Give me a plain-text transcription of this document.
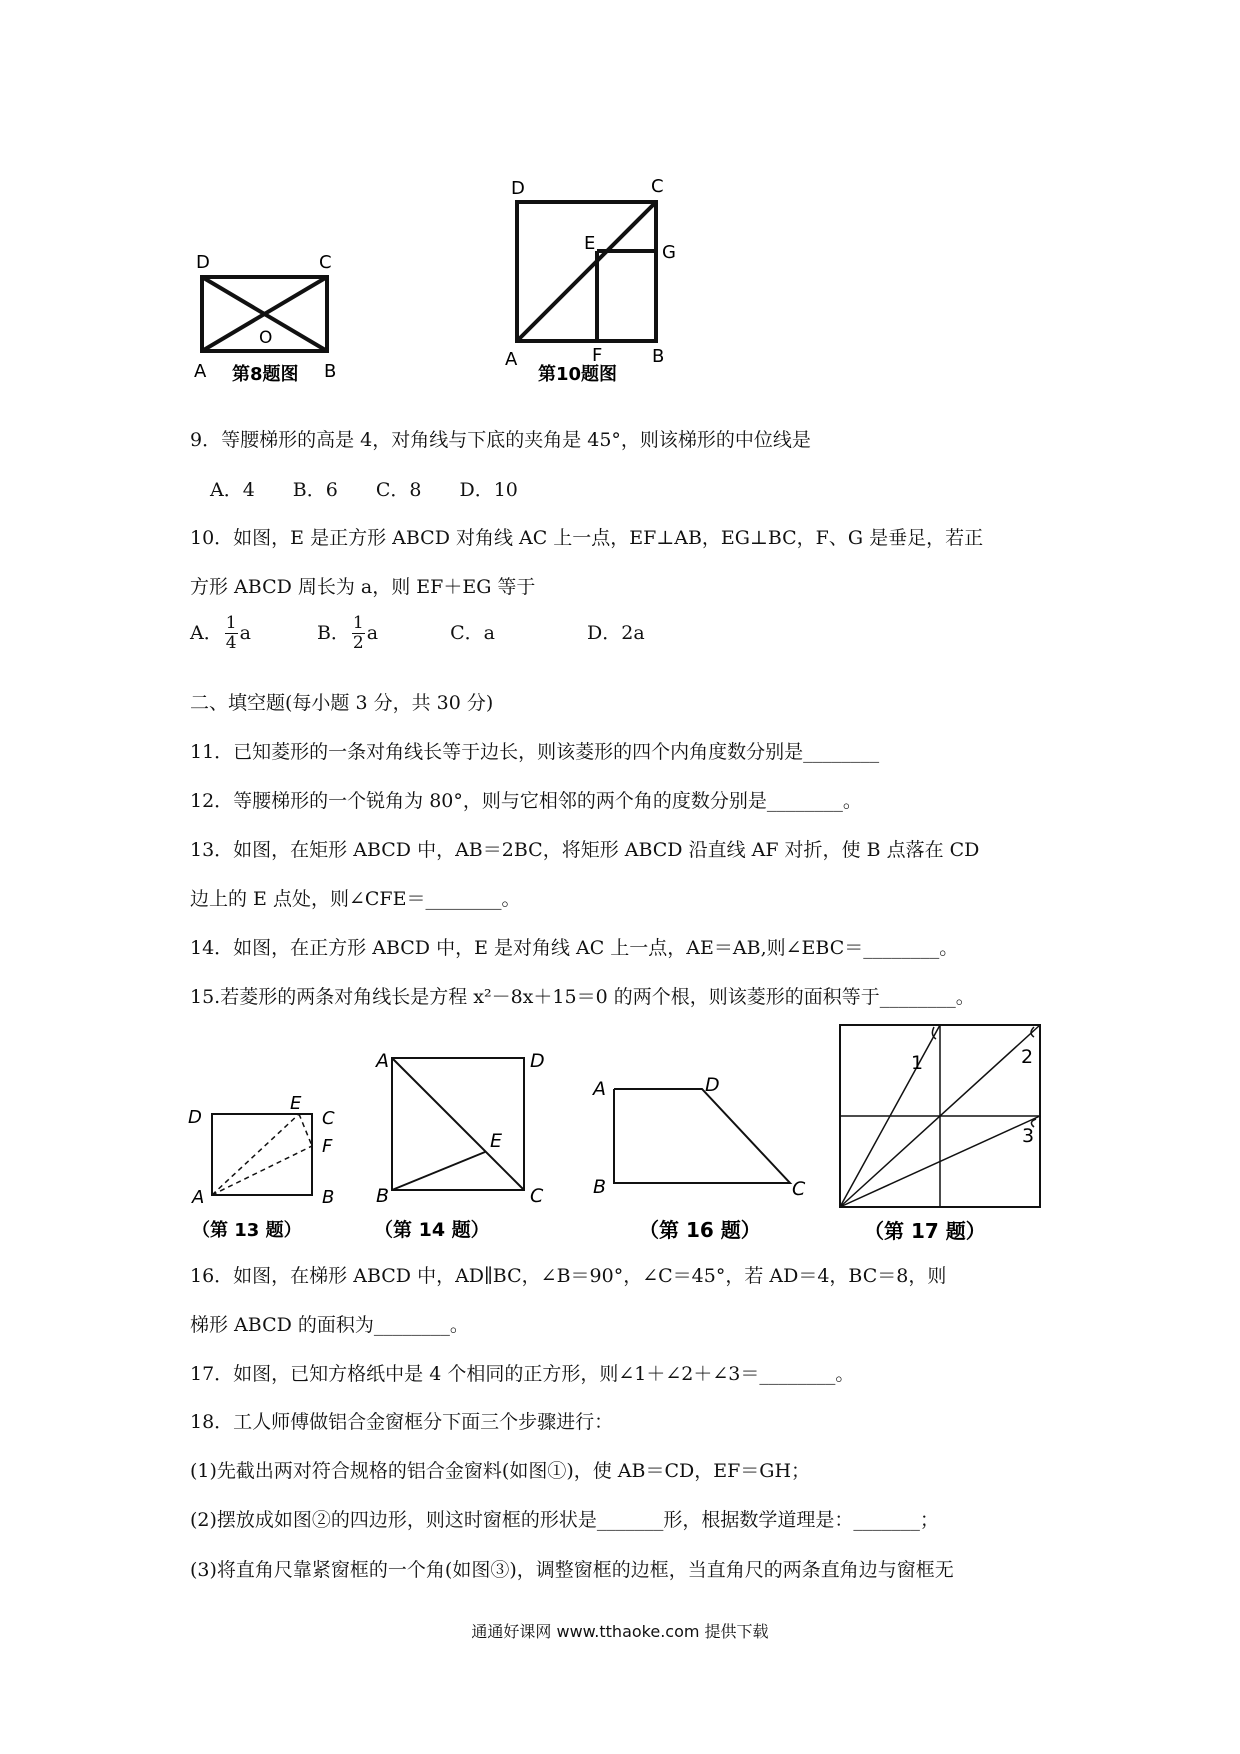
D	C
O
A	B
第8题图
D	C
E	G
A	F	B
第10题图
9．等腰梯形的高是 4，对角线与下底的夹角是 45°，则该梯形的中位线是
A．4　　B．6　　C．8　　D．10
10．如图，E 是正方形 ABCD 对角线 AC 上一点，EF⊥AB，EG⊥BC，F、G 是垂足，若正
方形 ABCD 周长为 a，则 EF＋EG 等于
A． $\frac{1}{4}$ a	B． $\frac{1}{2}$ a	C．a	D．2a
二、填空题(每小题 3 分，共 30 分)
11．已知菱形的一条对角线长等于边长，则该菱形的四个内角度数分别是________
12．等腰梯形的一个锐角为 80°，则与它相邻的两个角的度数分别是________。
13．如图，在矩形 ABCD 中，AB＝2BC，将矩形 ABCD 沿直线 AF 对折，使 B 点落在 CD
边上的 E 点处，则∠CFE＝________。
14．如图，在正方形 ABCD 中，E 是对角线 AC 上一点，AE＝AB,则∠EBC＝________。
15.若菱形的两条对角线长是方程 x²－8x＋15＝0 的两个根，则该菱形的面积等于________。
D
E
C
F
A	B
（第 13 题）
A	D
E
B	C
（第 14 题）
A	D
B	C
（第 16 题）
1	2
3
（第 17 题）
16．如图，在梯形 ABCD 中，AD∥BC，∠B＝90°，∠C＝45°，若 AD＝4，BC＝8，则
梯形 ABCD 的面积为________。
17．如图，已知方格纸中是 4 个相同的正方形，则∠1＋∠2＋∠3＝________。
18．工人师傅做铝合金窗框分下面三个步骤进行：
(1)先截出两对符合规格的铝合金窗料(如图①)，使 AB＝CD，EF＝GH；
(2)摆放成如图②的四边形，则这时窗框的形状是_______形，根据数学道理是：_______；
(3)将直角尺靠紧窗框的一个角(如图③)，调整窗框的边框，当直角尺的两条直角边与窗框无
通通好课网 www.tthaoke.com 提供下载
